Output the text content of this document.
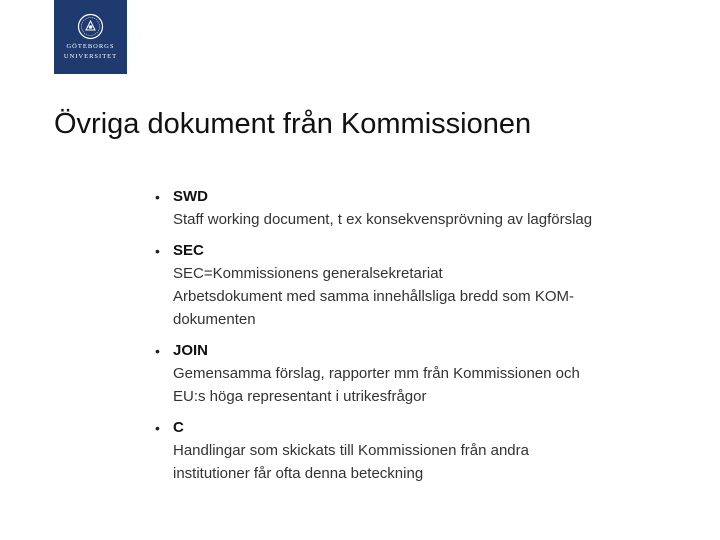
GÖTEBORGS
UNIVERSITET
Övriga dokument från Kommissionen
• SWD
Staff working document, t ex konsekvensprövning av lagförslag
• SEC
SEC=Kommissionens generalsekretariat
Arbetsdokument med samma innehållsliga bredd som KOM-
dokumenten
• JOIN
Gemensamma förslag, rapporter mm från Kommissionen och
EU:s höga representant i utrikesfrågor
• C
Handlingar som skickats till Kommissionen från andra
institutioner får ofta denna beteckning
